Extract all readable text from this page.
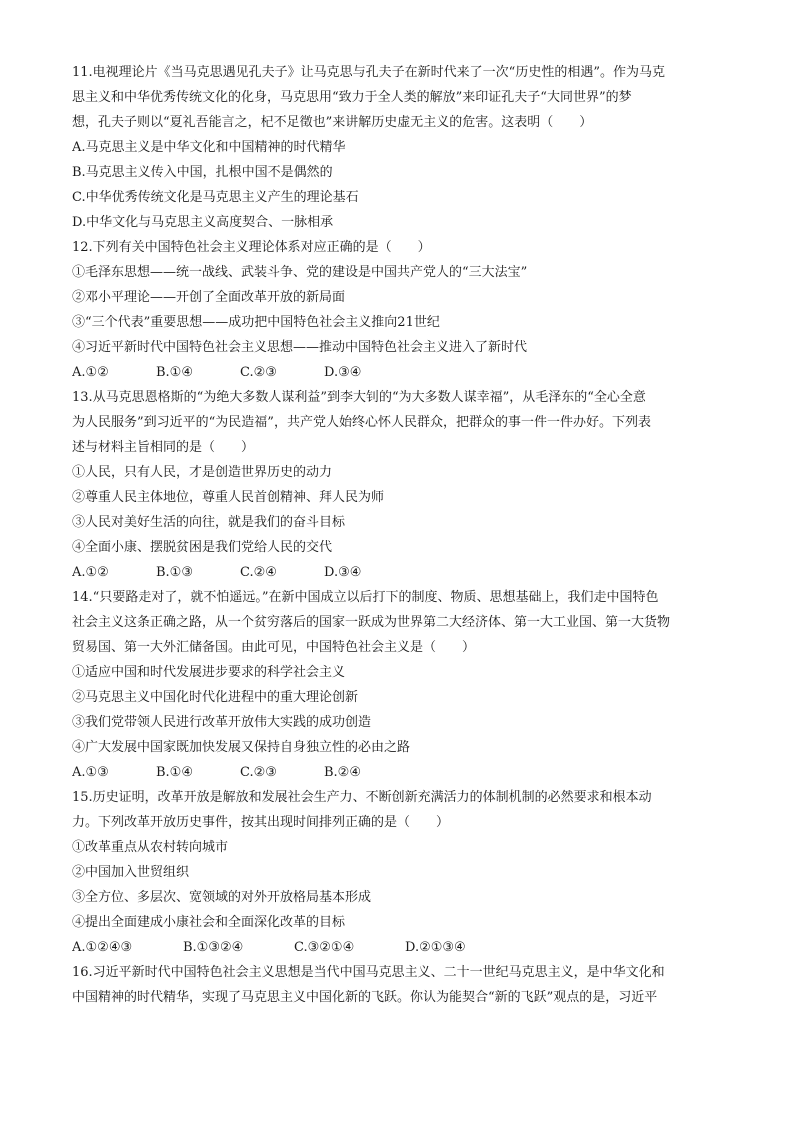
11.电视理论片《当马克思遇见孔夫子》让马克思与孔夫子在新时代来了一次“历史性的相遇”。作为马克
思主义和中华优秀传统文化的化身，马克思用“致力于全人类的解放”来印证孔夫子“大同世界”的梦
想，孔夫子则以“夏礼吾能言之，杞不足徵也”来讲解历史虚无主义的危害。这表明（　　）
A.马克思主义是中华文化和中国精神的时代精华
B.马克思主义传入中国，扎根中国不是偶然的
C.中华优秀传统文化是马克思主义产生的理论基石
D.中华文化与马克思主义高度契合、一脉相承
12.下列有关中国特色社会主义理论体系对应正确的是（　　）
①毛泽东思想——统一战线、武装斗争、党的建设是中国共产党人的“三大法宝”
②邓小平理论——开创了全面改革开放的新局面
③“三个代表”重要思想——成功把中国特色社会主义推向21世纪
④习近平新时代中国特色社会主义思想——推动中国特色社会主义进入了新时代
A.①②	B.①④	C.②③	D.③④
13.从马克思恩格斯的“为绝大多数人谋利益”到李大钊的“为大多数人谋幸福”，从毛泽东的“全心全意
为人民服务”到习近平的“为民造福”，共产党人始终心怀人民群众，把群众的事一件一件办好。下列表
述与材料主旨相同的是（　　）
①人民，只有人民，才是创造世界历史的动力
②尊重人民主体地位，尊重人民首创精神、拜人民为师
③人民对美好生活的向往，就是我们的奋斗目标
④全面小康、摆脱贫困是我们党给人民的交代
A.①②	B.①③	C.②④	D.③④
14.“只要路走对了，就不怕遥远。”在新中国成立以后打下的制度、物质、思想基础上，我们走中国特色
社会主义这条正确之路，从一个贫穷落后的国家一跃成为世界第二大经济体、第一大工业国、第一大货物
贸易国、第一大外汇储备国。由此可见，中国特色社会主义是（　　）
①适应中国和时代发展进步要求的科学社会主义
②马克思主义中国化时代化进程中的重大理论创新
③我们党带领人民进行改革开放伟大实践的成功创造
④广大发展中国家既加快发展又保持自身独立性的必由之路
A.①③	B.①④	C.②③	B.②④
15.历史证明，改革开放是解放和发展社会生产力、不断创新充满活力的体制机制的必然要求和根本动
力。下列改革开放历史事件，按其出现时间排列正确的是（　　）
①改革重点从农村转向城市
②中国加入世贸组织
③全方位、多层次、宽领域的对外开放格局基本形成
④提出全面建成小康社会和全面深化改革的目标
A.①②④③	B.①③②④	C.③②①④	D.②①③④
16.习近平新时代中国特色社会主义思想是当代中国马克思主义、二十一世纪马克思主义，是中华文化和
中国精神的时代精华，实现了马克思主义中国化新的飞跃。你认为能契合“新的飞跃”观点的是，习近平
